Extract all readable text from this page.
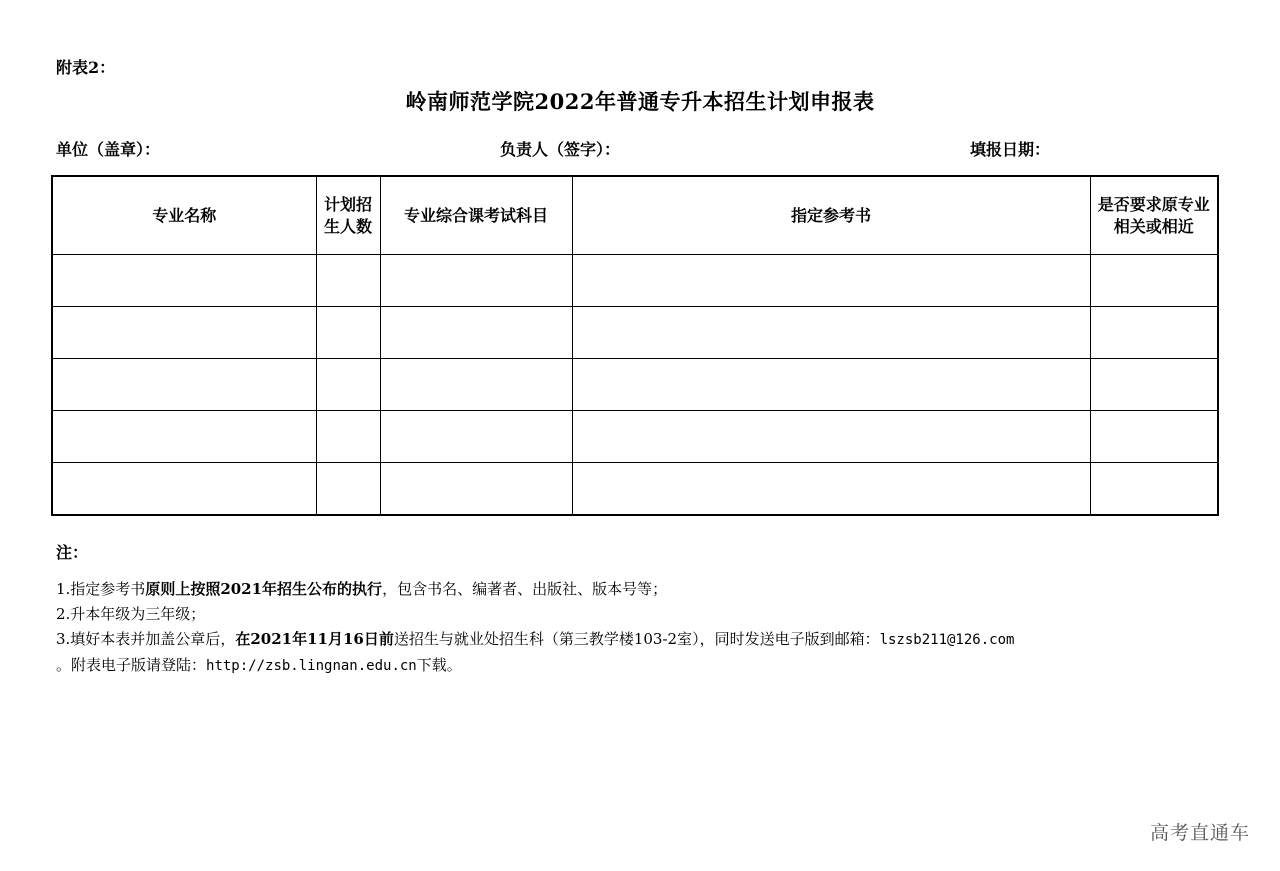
附表2：
岭南师范学院2022年普通专升本招生计划申报表
单位（盖章）：	负责人（签字）：	填报日期：
专业名称	计划招生人数	专业综合课考试科目	指定参考书	是否要求原专业相关或相近

注：
1.指定参考书原则上按照2021年招生公布的执行，包含书名、编著者、出版社、版本号等；
2.升本年级为三年级；
3.填好本表并加盖公章后，在2021年11月16日前送招生与就业处招生科（第三教学楼103-2室），同时发送电子版到邮箱：lszsb211@126.com
。附表电子版请登陆：http://zsb.lingnan.edu.cn下载。
高考直通车
